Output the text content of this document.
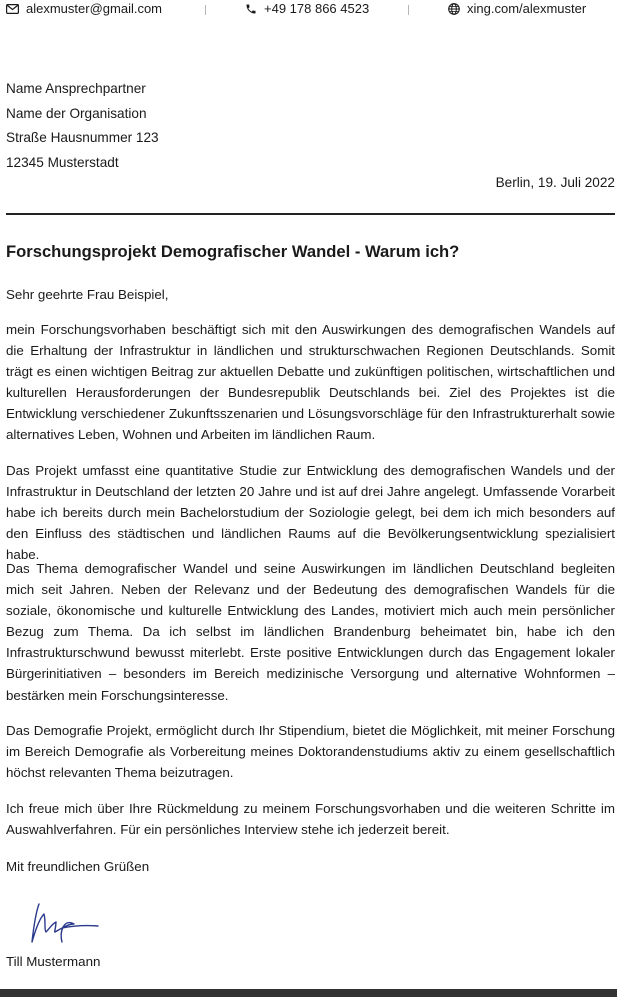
alexmuster@gmail.com	+49 178 866 4523	xing.com/alexmuster
Name Ansprechpartner
Name der Organisation
Straße Hausnummer 123
12345 Musterstadt
Berlin, 19. Juli 2022
Forschungsprojekt Demografischer Wandel - Warum ich?
Sehr geehrte Frau Beispiel,
mein Forschungsvorhaben beschäftigt sich mit den Auswirkungen des demografischen Wandels auf die Erhaltung der Infrastruktur in ländlichen und strukturschwachen Regionen Deutschlands. Somit trägt es einen wichtigen Beitrag zur aktuellen Debatte und zukünftigen politischen, wirtschaftlichen und kulturellen Herausforderungen der Bundesrepublik Deutschlands bei. Ziel des Projektes ist die Entwicklung verschiedener Zukunftsszenarien und Lösungsvorschläge für den Infrastrukturerhalt sowie alternatives Leben, Wohnen und Arbeiten im ländlichen Raum.
Das Projekt umfasst eine quantitative Studie zur Entwicklung des demografischen Wandels und der Infrastruktur in Deutschland der letzten 20 Jahre und ist auf drei Jahre angelegt. Umfassende Vorarbeit habe ich bereits durch mein Bachelorstudium der Soziologie gelegt, bei dem ich mich besonders auf den Einfluss des städtischen und ländlichen Raums auf die Bevölkerungsentwicklung spezialisiert habe.
Das Thema demografischer Wandel und seine Auswirkungen im ländlichen Deutschland begleiten mich seit Jahren. Neben der Relevanz und der Bedeutung des demografischen Wandels für die soziale, ökonomische und kulturelle Entwicklung des Landes, motiviert mich auch mein persönlicher Bezug zum Thema. Da ich selbst im ländlichen Brandenburg beheimatet bin, habe ich den Infrastrukturschwund bewusst miterlebt. Erste positive Entwicklungen durch das Engagement lokaler Bürgerinitiativen – besonders im Bereich medizinische Versorgung und alternative Wohnformen – bestärken mein Forschungsinteresse.
Das Demografie Projekt, ermöglicht durch Ihr Stipendium, bietet die Möglichkeit, mit meiner Forschung im Bereich Demografie als Vorbereitung meines Doktorandenstudiums aktiv zu einem gesellschaftlich höchst relevanten Thema beizutragen.
Ich freue mich über Ihre Rückmeldung zu meinem Forschungsvorhaben und die weiteren Schritte im Auswahlverfahren. Für ein persönliches Interview stehe ich jederzeit bereit.
Mit freundlichen Grüßen
Till Mustermann
